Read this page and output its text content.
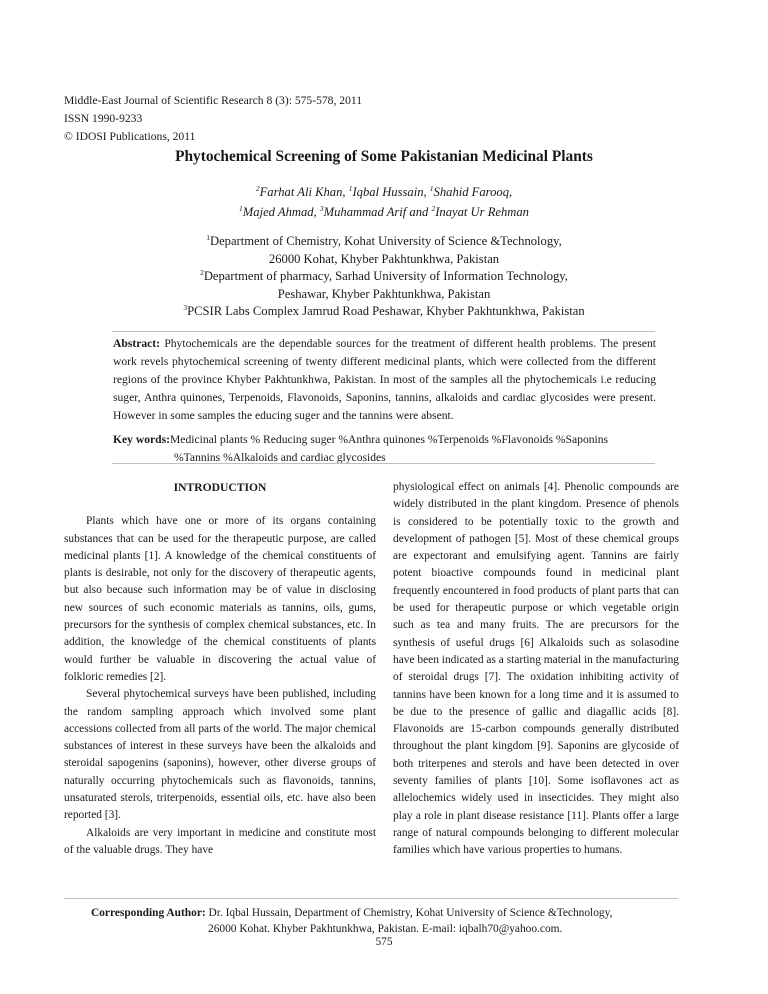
Middle-East Journal of Scientific Research 8 (3): 575-578, 2011
ISSN 1990-9233
© IDOSI Publications, 2011
Phytochemical Screening of Some Pakistanian Medicinal Plants
$^2$Farhat Ali Khan, $^1$Iqbal Hussain, $^1$Shahid Farooq,
$^1$Majed Ahmad, $^3$Muhammad Arif and $^2$Inayat Ur Rehman
$^1$Department of Chemistry, Kohat University of Science &Technology,
26000 Kohat, Khyber Pakhtunkhwa, Pakistan
$^2$Department of pharmacy, Sarhad University of Information Technology,
Peshawar, Khyber Pakhtunkhwa, Pakistan
$^3$PCSIR Labs Complex Jamrud Road Peshawar, Khyber Pakhtunkhwa, Pakistan
Abstract: Phytochemicals are the dependable sources for the treatment of different health problems. The present work revels phytochemical screening of twenty different medicinal plants, which were collected from the different regions of the province Khyber Pakhtunkhwa, Pakistan. In most of the samples all the phytochemicals i.e reducing suger, Anthra quinones, Terpenoids, Flavonoids, Saponins, tannins, alkaloids and cardiac glycosides were present. However in some samples the educing suger and the tannins were absent.
Key words:Medicinal plants % Reducing suger %Anthra quinones %Terpenoids %Flavonoids %Saponins
%Tannins %Alkaloids and cardiac glycosides
INTRODUCTION

Plants which have one or more of its organs containing substances that can be used for the therapeutic purpose, are called medicinal plants [1]. A knowledge of the chemical constituents of plants is desirable, not only for the discovery of therapeutic agents, but also because such information may be of value in disclosing new sources of such economic materials as tannins, oils, gums, precursors for the synthesis of complex chemical substances, etc. In addition, the knowledge of the chemical constituents of plants would further be valuable in discovering the actual value of folkloric remedies [2].

Several phytochemical surveys have been published, including the random sampling approach which involved some plant accessions collected from all parts of the world. The major chemical substances of interest in these surveys have been the alkaloids and steroidal sapogenins (saponins), however, other diverse groups of naturally occurring phytochemicals such as flavonoids, tannins, unsaturated sterols, triterpenoids, essential oils, etc. have also been reported [3].

Alkaloids are very important in medicine and constitute most of the valuable drugs. They have

physiological effect on animals [4]. Phenolic compounds are widely distributed in the plant kingdom. Presence of phenols is considered to be potentially toxic to the growth and development of pathogen [5]. Most of these chemical groups are expectorant and emulsifying agent. Tannins are fairly potent bioactive compounds found in medicinal plant frequently encountered in food products of plant parts that can be used for therapeutic purpose or which vegetable origin such as tea and many fruits. The are precursors for the synthesis of useful drugs [6] Alkaloids such as solasodine have been indicated as a starting material in the manufacturing of steroidal drugs [7]. The oxidation inhibiting activity of tannins have been known for a long time and it is assumed to be due to the presence of gallic and diagallic acids [8]. Flavonoids are 15-carbon compounds generally distributed throughout the plant kingdom [9]. Saponins are glycoside of both triterpenes and sterols and have been detected in over seventy families of plants [10]. Some isoflavones act as allelochemics widely used in insecticides. They might also play a role in plant disease resistance [11]. Plants offer a large range of natural compounds belonging to different molecular families which have various properties to humans.

Corresponding Author: Dr. Iqbal Hussain, Department of Chemistry, Kohat University of Science &Technology,
26000 Kohat. Khyber Pakhtunkhwa, Pakistan. E-mail: iqbalh70@yahoo.com.
575
